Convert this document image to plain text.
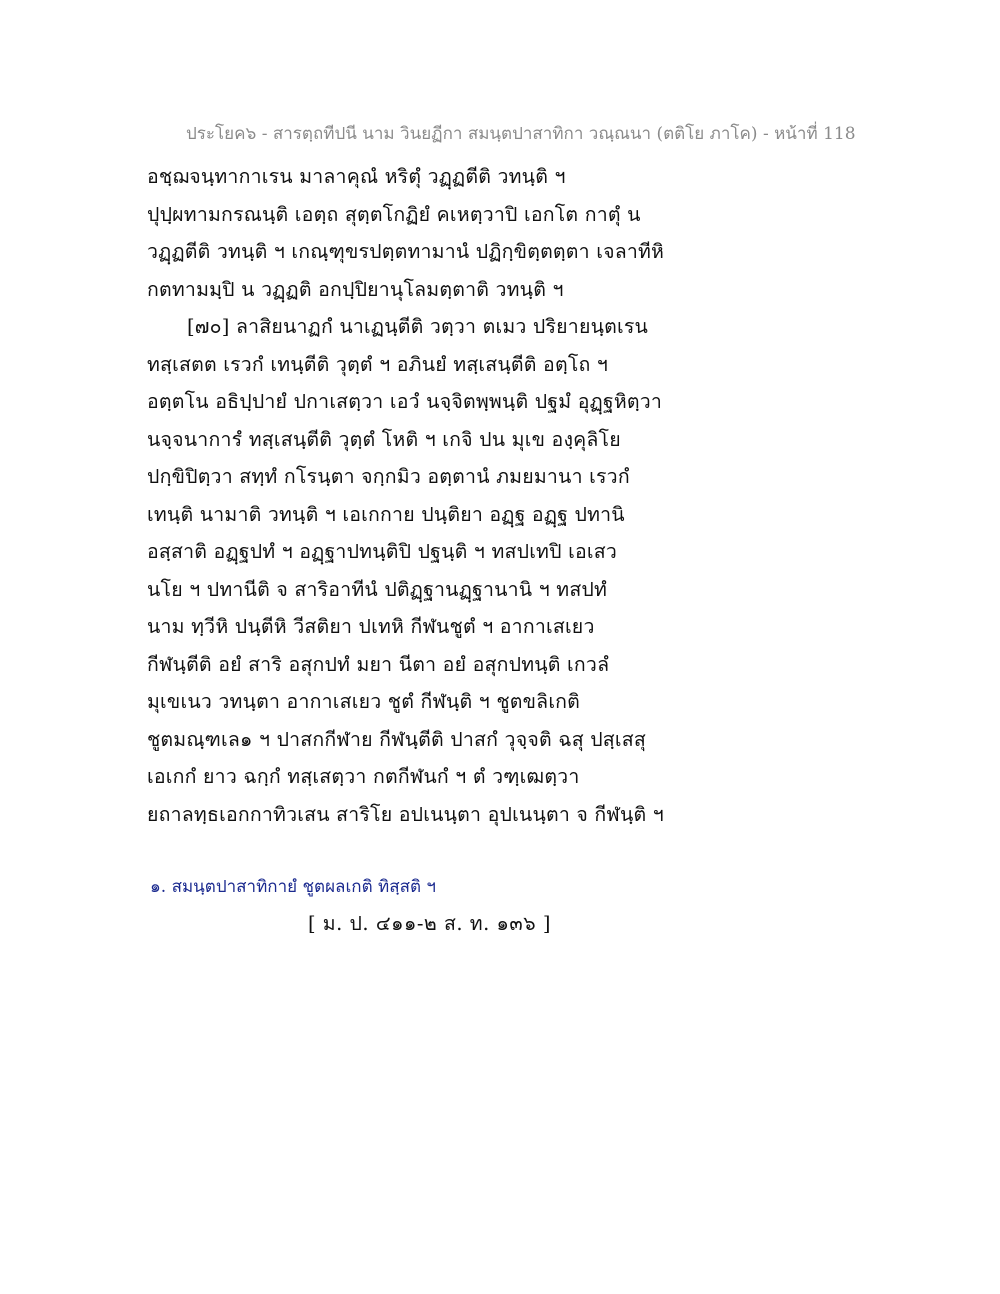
ประโยค๖ - สารตฺถทีปนี นาม วินยฏีกา สมนฺตปาสาทิกา วณฺณนา (ตติโย ภาโค) - หน้าที่ 118
อชฺฌจนฺทากาเรน มาลาคุณํ หริตุํ วฏฺฏตีติ วทนฺติ ฯ
ปุปฺผทามกรณนฺติ เอตฺถ สุตฺตโกฏิยํ คเหตฺวาปิ เอกโต กาตุํ น
วฏฺฏตีติ วทนฺติ ฯ เกณฺฑุขรปตฺตทามานํ ปฏิกฺขิตฺตตฺตา เจลาทีหิ
กตทามมฺปิ น วฏฺฏติ อกปฺปิยานุโลมตฺตาติ วทนฺติ ฯ
[๗๐] ลาสิยนาฏกํ นาเฏนฺตีติ วตฺวา ตเมว ปริยายนฺตเรน
ทสฺเสตต เรวกํ เทนฺตีติ วุตฺตํ ฯ อภินยํ ทสฺเสนฺตีติ อตฺโถ ฯ
อตฺตโน อธิปฺปายํ ปกาเสตฺวา เอวํ นจฺจิตพฺพนฺติ ปฐมํ อุฏฺฐหิตฺวา
นจฺจนาการํ ทสฺเสนฺตีติ วุตฺตํ โหติ ฯ เกจิ ปน มุเข องฺคุลิโย
ปกฺขิปิตฺวา สทฺทํ กโรนฺตา จกฺกมิว อตฺตานํ ภมยมานา เรวกํ
เทนฺติ นามาติ วทนฺติ ฯ เอเกกาย ปนฺติยา อฏฺฐ อฏฺฐ ปทานิ
อสฺสาติ อฏฺฐปทํ ฯ อฏฺฐาปทนฺติปิ ปฐนฺติ ฯ ทสปเทปิ เอเสว
นโย ฯ ปทานีติ จ สาริอาทีนํ ปติฏฺฐานฏฺฐานานิ ฯ ทสปทํ
นาม ทฺวีหิ ปนฺตีหิ วีสติยา ปเทหิ กีฬนชูตํ ฯ อากาเสเยว
กีฬนฺตีติ อยํ สาริ อสุกปทํ มยา นีตา อยํ อสุกปทนฺติ เกวลํ
มุเขเนว วทนฺตา อากาเสเยว ชูตํ กีฬนฺติ ฯ ชูตขลิเกติ
ชูตมณฺฑเล๑ ฯ ปาสกกีฬาย กีฬนฺตีติ ปาสกํ วุจฺจติ ฉสุ ปสฺเสสุ
เอเกกํ ยาว ฉกฺกํ ทสฺเสตฺวา กตกีฬนกํ ฯ ตํ วฑฺเฒตฺวา
ยถาลทฺธเอกกาทิวเสน สาริโย อปเนนฺตา อุปเนนฺตา จ กีฬนฺติ ฯ
๑. สมนฺตปาสาทิกายํ ชูตผลเกติ ทิสฺสติ ฯ
[ ม. ป. ๔๑๑-๒ ส. ท. ๑๓๖ ]
